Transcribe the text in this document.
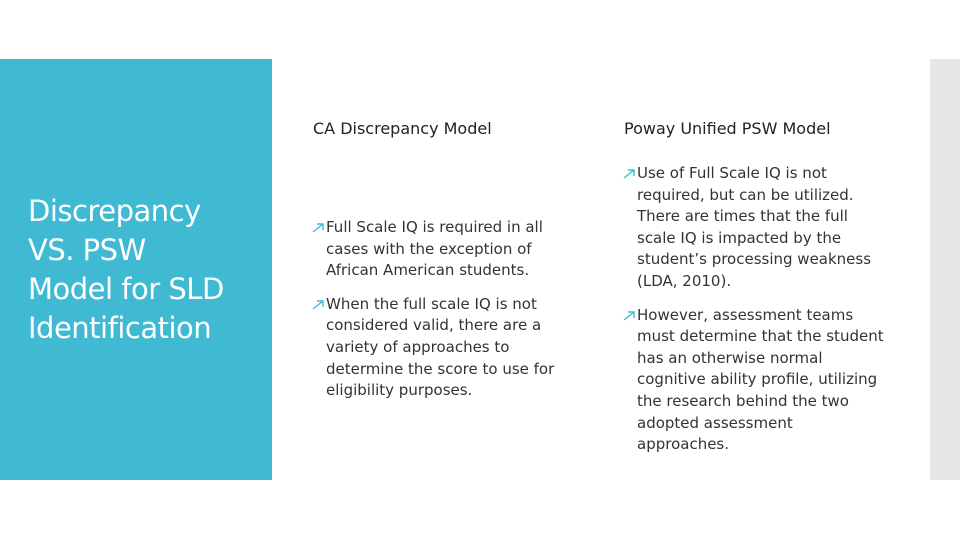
Discrepancy
VS. PSW
Model for SLD
Identification
CA Discrepancy Model
Full Scale IQ is required in all cases with the exception of African American students.
When the full scale IQ is not considered valid, there are a variety of approaches to determine the score to use for eligibility purposes.
Poway Unified PSW Model
Use of Full Scale IQ is not required, but can be utilized. There are times that the full scale IQ is impacted by the student’s processing weakness (LDA, 2010).
However, assessment teams must determine that the student has an otherwise normal cognitive ability profile, utilizing the research behind the two adopted assessment approaches.
